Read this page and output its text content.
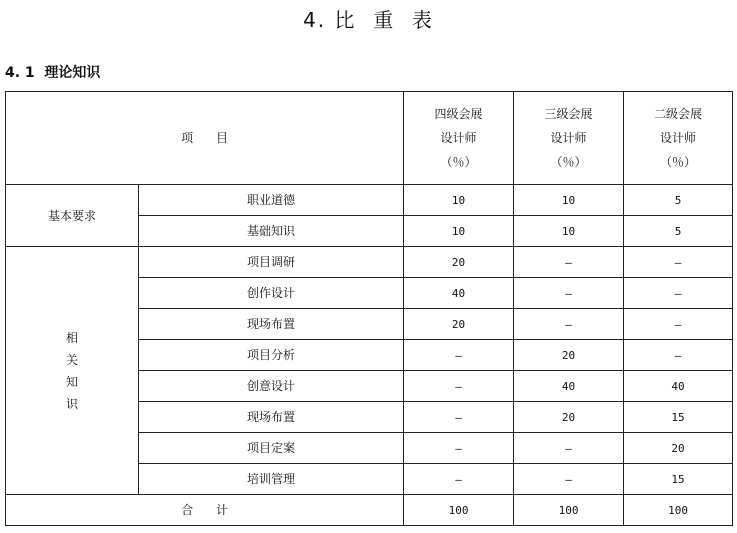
4. 比  重  表
4. 1  理论知识
项      目		四级会展
设计师
（％）	三级会展
设计师
（％）	二级会展
设计师
（％）
基本要求	职业道德	10	10	5
	基础知识	10	10	5
相关知识	项目调研	20	—	—
	创作设计	40	—	—
	现场布置	20	—	—
	项目分析	—	20	—
	创意设计	—	40	40
	现场布置	—	20	15
	项目定案	—	—	20
	培训管理	—	—	15
合      计		100	100	100
